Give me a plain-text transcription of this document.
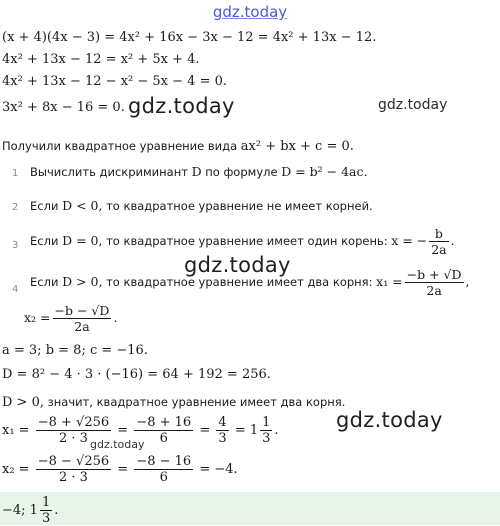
gdz.today
gdz.today	gdz.today
gdz.today
gdz.today
(x + 4)(4x − 3) = 4x² + 16x − 3x − 12 = 4x² + 13x − 12.
4x² + 13x − 12 = x² + 5x + 4.
4x² + 13x − 12 − x² − 5x − 4 = 0.
3x² + 8x − 16 = 0.
Получили квадратное уравнение вида ax² + bx + c = 0.
1 Вычислить дискриминант D по формуле D = b² − 4ac.
2 Если D < 0, то квадратное уравнение не имеет корней.
3 Если D = 0, то квадратное уравнение имеет один корень: x = − $\frac{b}{2a}$ .
4
Если D > 0, то квадратное уравнение имеет два корня: $x_1 = \frac{-b + √D}{2a}$ ,
$x_2 = \frac{-b - √D}{2a}$ .
a = 3; b = 8; c = −16.
D = 8² − 4 · 3 · (−16) = 64 + 192 = 256.
D > 0, значит, квадратное уравнение имеет два корня.
$x_1 = \frac{-8 + √256}{2 \cdot 3} = \frac{-8 + 16}{6} = \frac{4}{3} = 1 \frac{1}{3}$ .
gdz.today
$x_2 = \frac{-8 - √256}{2 \cdot 3} = \frac{-8 - 16}{6} = -4$.
−4; $1 \frac{1}{3}$ .
